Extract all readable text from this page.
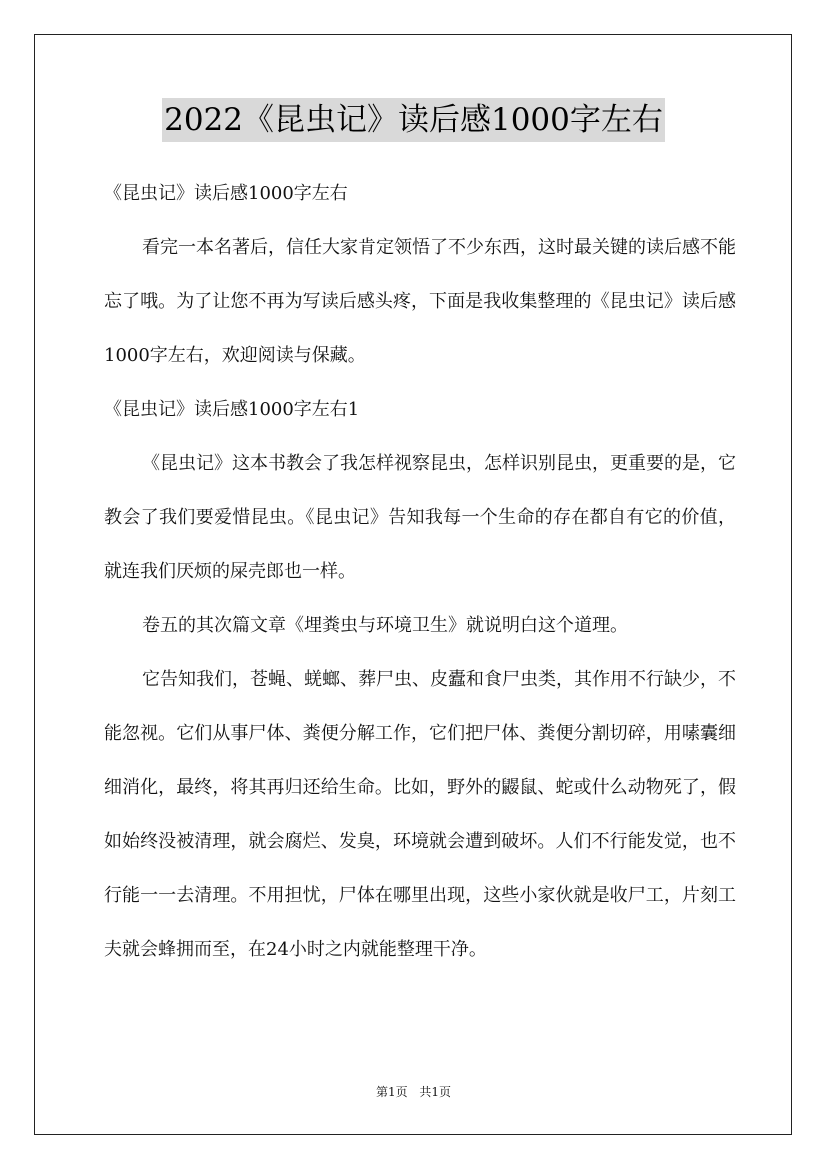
2022《昆虫记》读后感1000字左右

《昆虫记》读后感1000字左右

看完一本名著后，信任大家肯定领悟了不少东西，这时最关键的读后感不能忘了哦。为了让您不再为写读后感头疼，下面是我收集整理的《昆虫记》读后感1000字左右，欢迎阅读与保藏。

《昆虫记》读后感1000字左右1

《昆虫记》这本书教会了我怎样视察昆虫，怎样识别昆虫，更重要的是，它教会了我们要爱惜昆虫。《昆虫记》告知我每一个生命的存在都自有它的价值，就连我们厌烦的屎壳郎也一样。

卷五的其次篇文章《埋粪虫与环境卫生》就说明白这个道理。

它告知我们，苍蝇、蜣螂、葬尸虫、皮蠹和食尸虫类，其作用不行缺少，不能忽视。它们从事尸体、粪便分解工作，它们把尸体、粪便分割切碎，用嗉囊细细消化，最终，将其再归还给生命。比如，野外的鼹鼠、蛇或什么动物死了，假如始终没被清理，就会腐烂、发臭，环境就会遭到破坏。人们不行能发觉，也不行能一一去清理。不用担忧，尸体在哪里出现，这些小家伙就是收尸工，片刻工夫就会蜂拥而至，在24小时之内就能整理干净。

第1页 共1页
